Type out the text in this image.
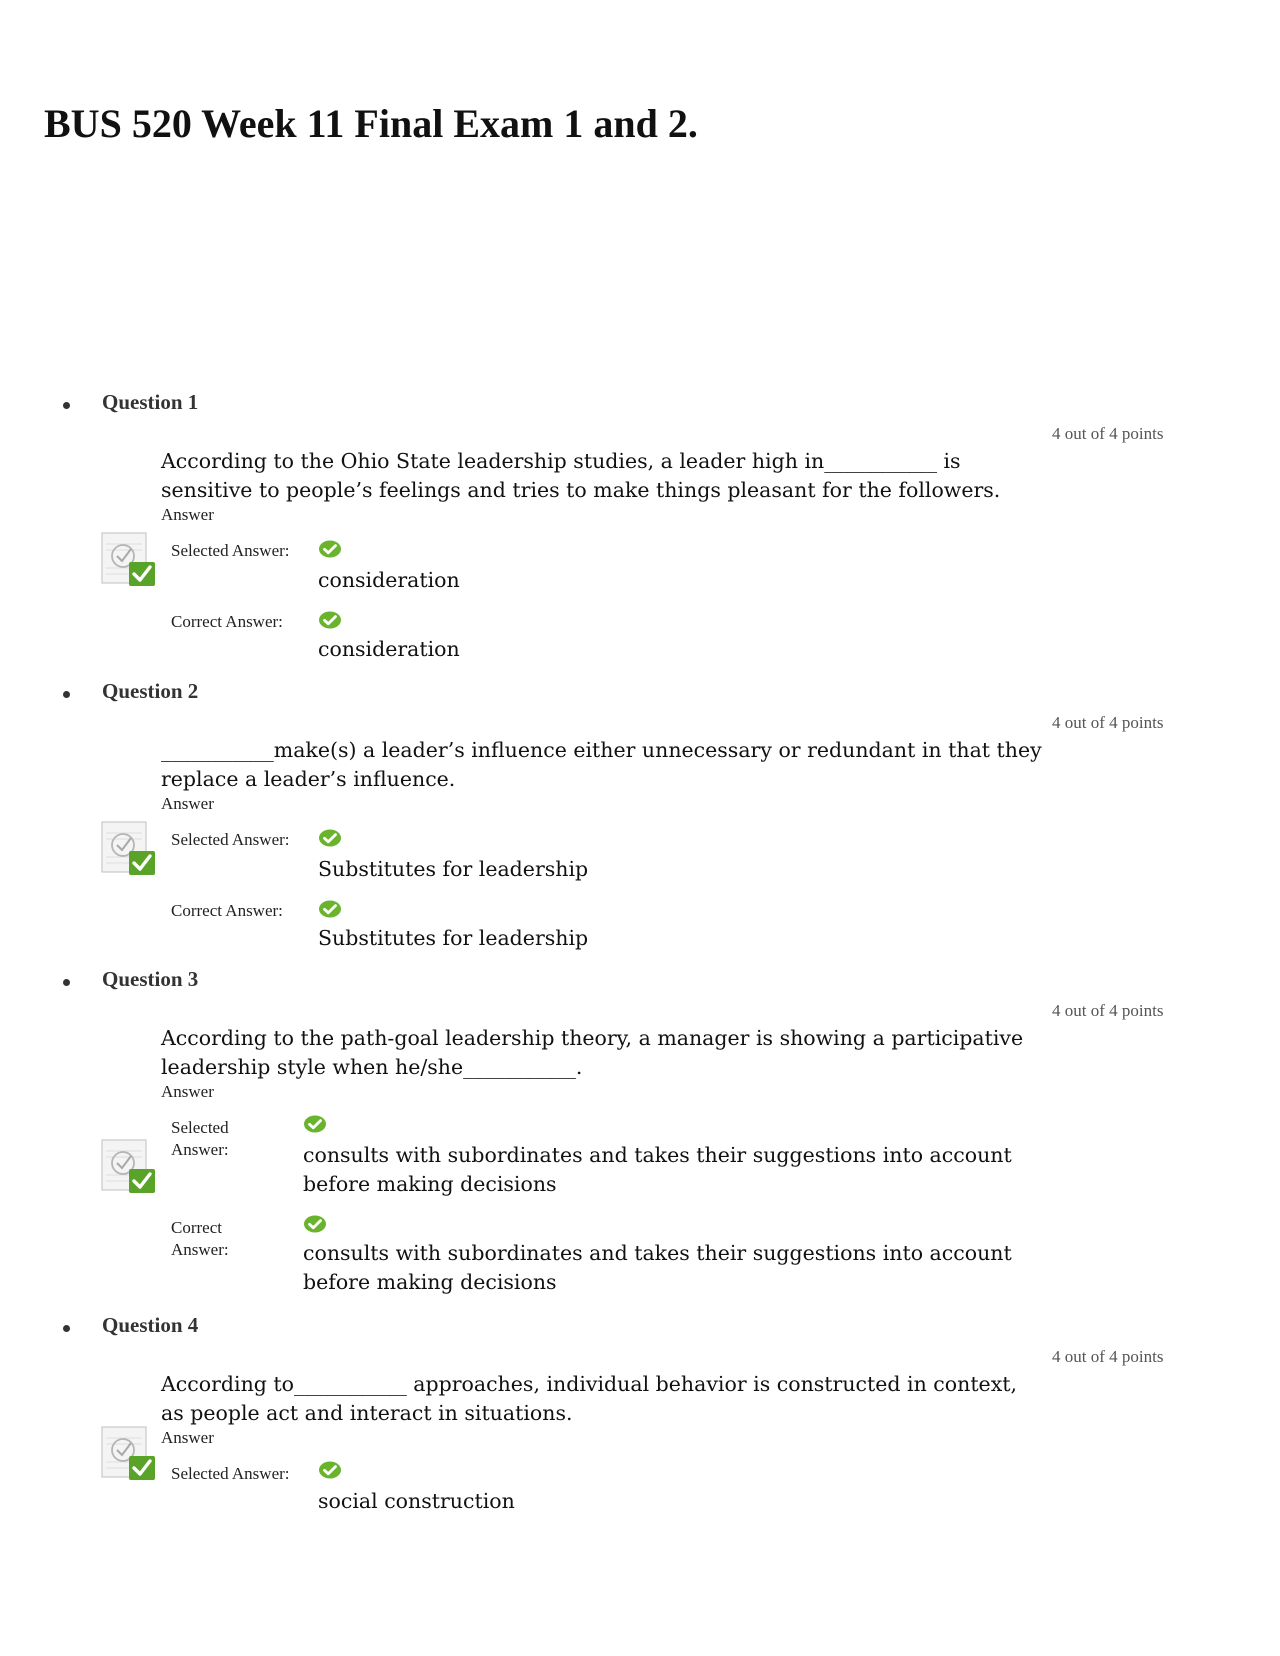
BUS 520 Week 11 Final Exam 1 and 2.
Question 1
4 out of 4 points
According to the Ohio State leadership studies, a leader high in___________ is sensitive to people’s feelings and tries to make things pleasant for the followers.
Answer
Selected Answer:
consideration
Correct Answer:
consideration
Question 2
4 out of 4 points
___________make(s) a leader’s influence either unnecessary or redundant in that they replace a leader’s influence.
Answer
Selected Answer:
Substitutes for leadership
Correct Answer:
Substitutes for leadership
Question 3
4 out of 4 points
According to the path-goal leadership theory, a manager is showing a participative leadership style when he/she___________.
Answer
Selected Answer:	consults with subordinates and takes their suggestions into account before making decisions
Correct Answer:	consults with subordinates and takes their suggestions into account before making decisions
Question 4
4 out of 4 points
According to___________ approaches, individual behavior is constructed in context, as people act and interact in situations.
Answer
Selected Answer:
social construction
